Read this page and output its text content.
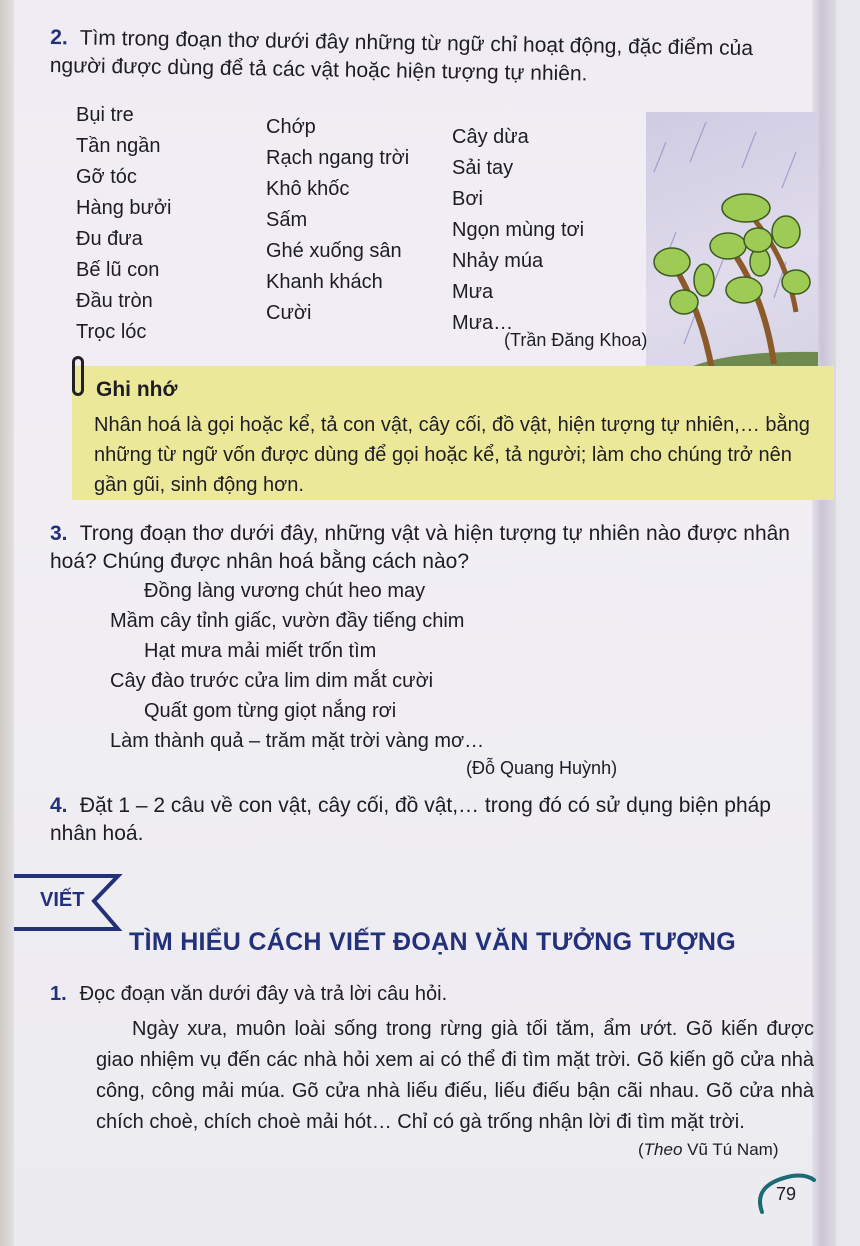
2. Tìm trong đoạn thơ dưới đây những từ ngữ chỉ hoạt động, đặc điểm của người được dùng để tả các vật hoặc hiện tượng tự nhiên.
Bụi tre
Tần ngần
Gỡ tóc
Hàng bưởi
Đu đưa
Bế lũ con
Đầu tròn
Trọc lóc
Chớp
Rạch ngang trời
Khô khốc
Sấm
Ghé xuống sân
Khanh khách
Cười
Cây dừa
Sải tay
Bơi
Ngọn mùng tơi
Nhảy múa
Mưa
Mưa…
(Trần Đăng Khoa)
Ghi nhớ
Nhân hoá là gọi hoặc kể, tả con vật, cây cối, đồ vật, hiện tượng tự nhiên,… bằng những từ ngữ vốn được dùng để gọi hoặc kể, tả người; làm cho chúng trở nên gần gũi, sinh động hơn.
3. Trong đoạn thơ dưới đây, những vật và hiện tượng tự nhiên nào được nhân hoá? Chúng được nhân hoá bằng cách nào?
Đồng làng vương chút heo may
Mầm cây tỉnh giấc, vườn đầy tiếng chim
Hạt mưa mải miết trốn tìm
Cây đào trước cửa lim dim mắt cười
Quất gom từng giọt nắng rơi
Làm thành quả – trăm mặt trời vàng mơ…
(Đỗ Quang Huỳnh)
4. Đặt 1 – 2 câu về con vật, cây cối, đồ vật,… trong đó có sử dụng biện pháp nhân hoá.
VIẾT
TÌM HIỂU CÁCH VIẾT ĐOẠN VĂN TƯỞNG TƯỢNG
1. Đọc đoạn văn dưới đây và trả lời câu hỏi.
Ngày xưa, muôn loài sống trong rừng già tối tăm, ẩm ướt. Gõ kiến được giao nhiệm vụ đến các nhà hỏi xem ai có thể đi tìm mặt trời. Gõ kiến gõ cửa nhà công, công mải múa. Gõ cửa nhà liếu điếu, liếu điếu bận cãi nhau. Gõ cửa nhà chích choè, chích choè mải hót… Chỉ có gà trống nhận lời đi tìm mặt trời.
(Theo Vũ Tú Nam)
79
